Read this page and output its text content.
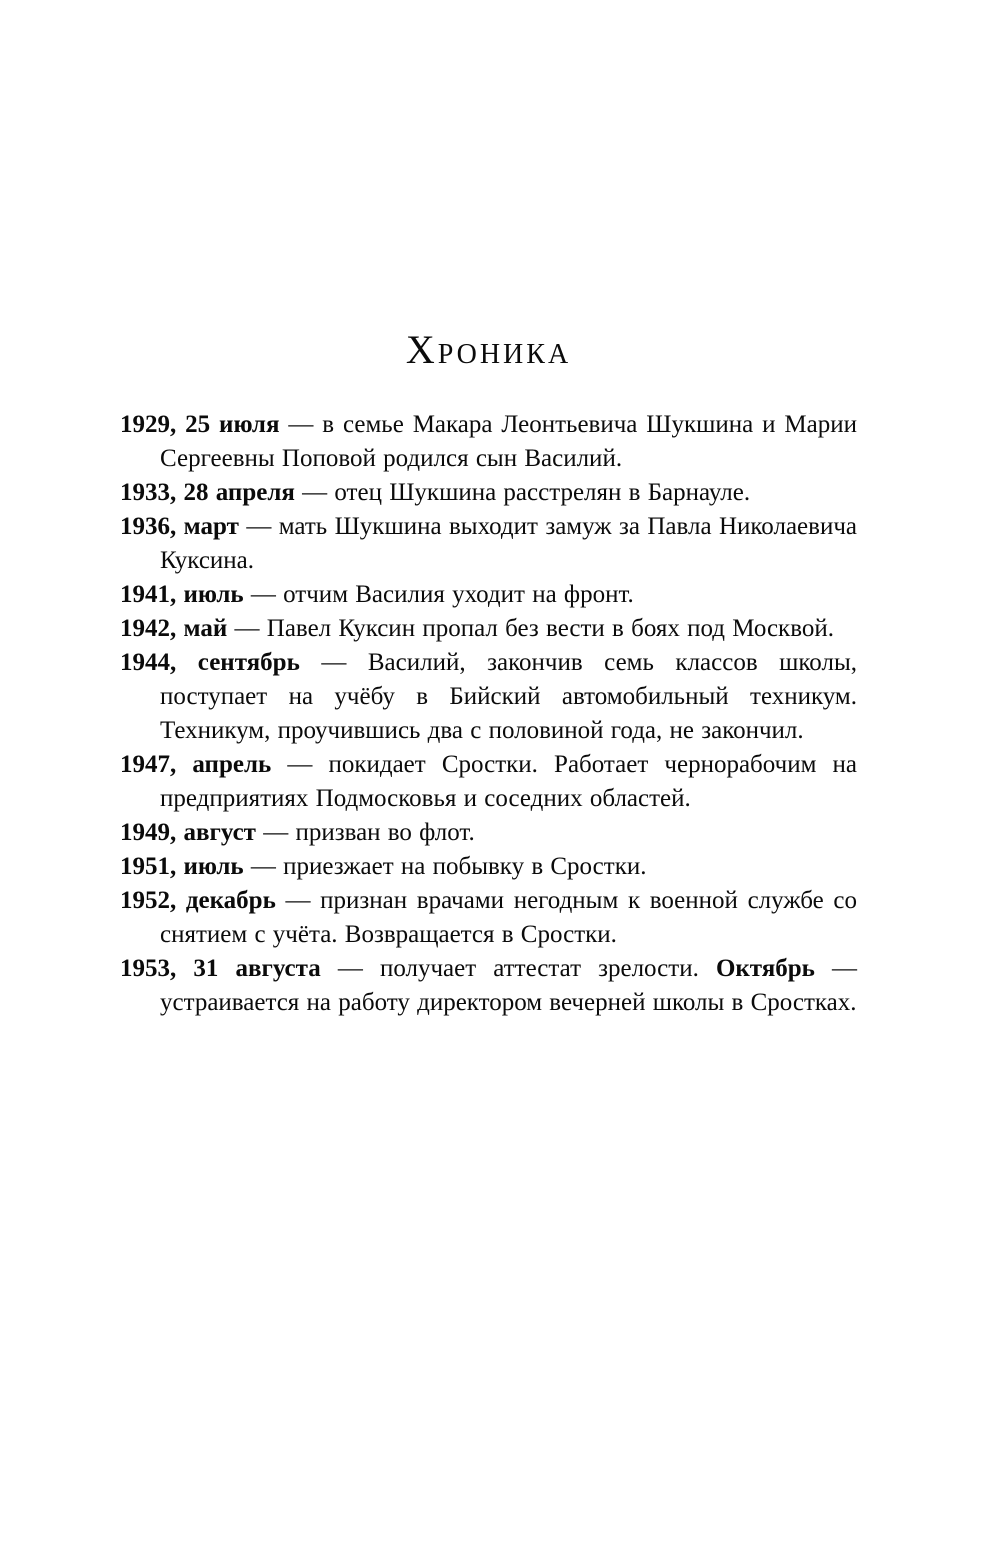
Хроника

1929, 25 июля — в семье Макара Леонтьевича Шукшина и Марии Сергеевны Поповой родился сын Василий.

1933, 28 апреля — отец Шукшина расстрелян в Барнауле.

1936, март — мать Шукшина выходит замуж за Павла Николаевича Куксина.

1941, июль — отчим Василия уходит на фронт.

1942, май — Павел Куксин пропал без вести в боях под Москвой.

1944, сентябрь — Василий, закончив семь классов школы, поступает на учёбу в Бийский автомобильный техникум. Техникум, проучившись два с половиной года, не закончил.

1947, апрель — покидает Сростки. Работает чернорабочим на предприятиях Подмосковья и соседних областей.

1949, август — призван во флот.

1951, июль — приезжает на побывку в Сростки.

1952, декабрь — признан врачами негодным к военной службе со снятием с учёта. Возвращается в Сростки.

1953, 31 августа — получает аттестат зрелости. Октябрь — устраивается на работу директором вечерней школы в Сростках.
